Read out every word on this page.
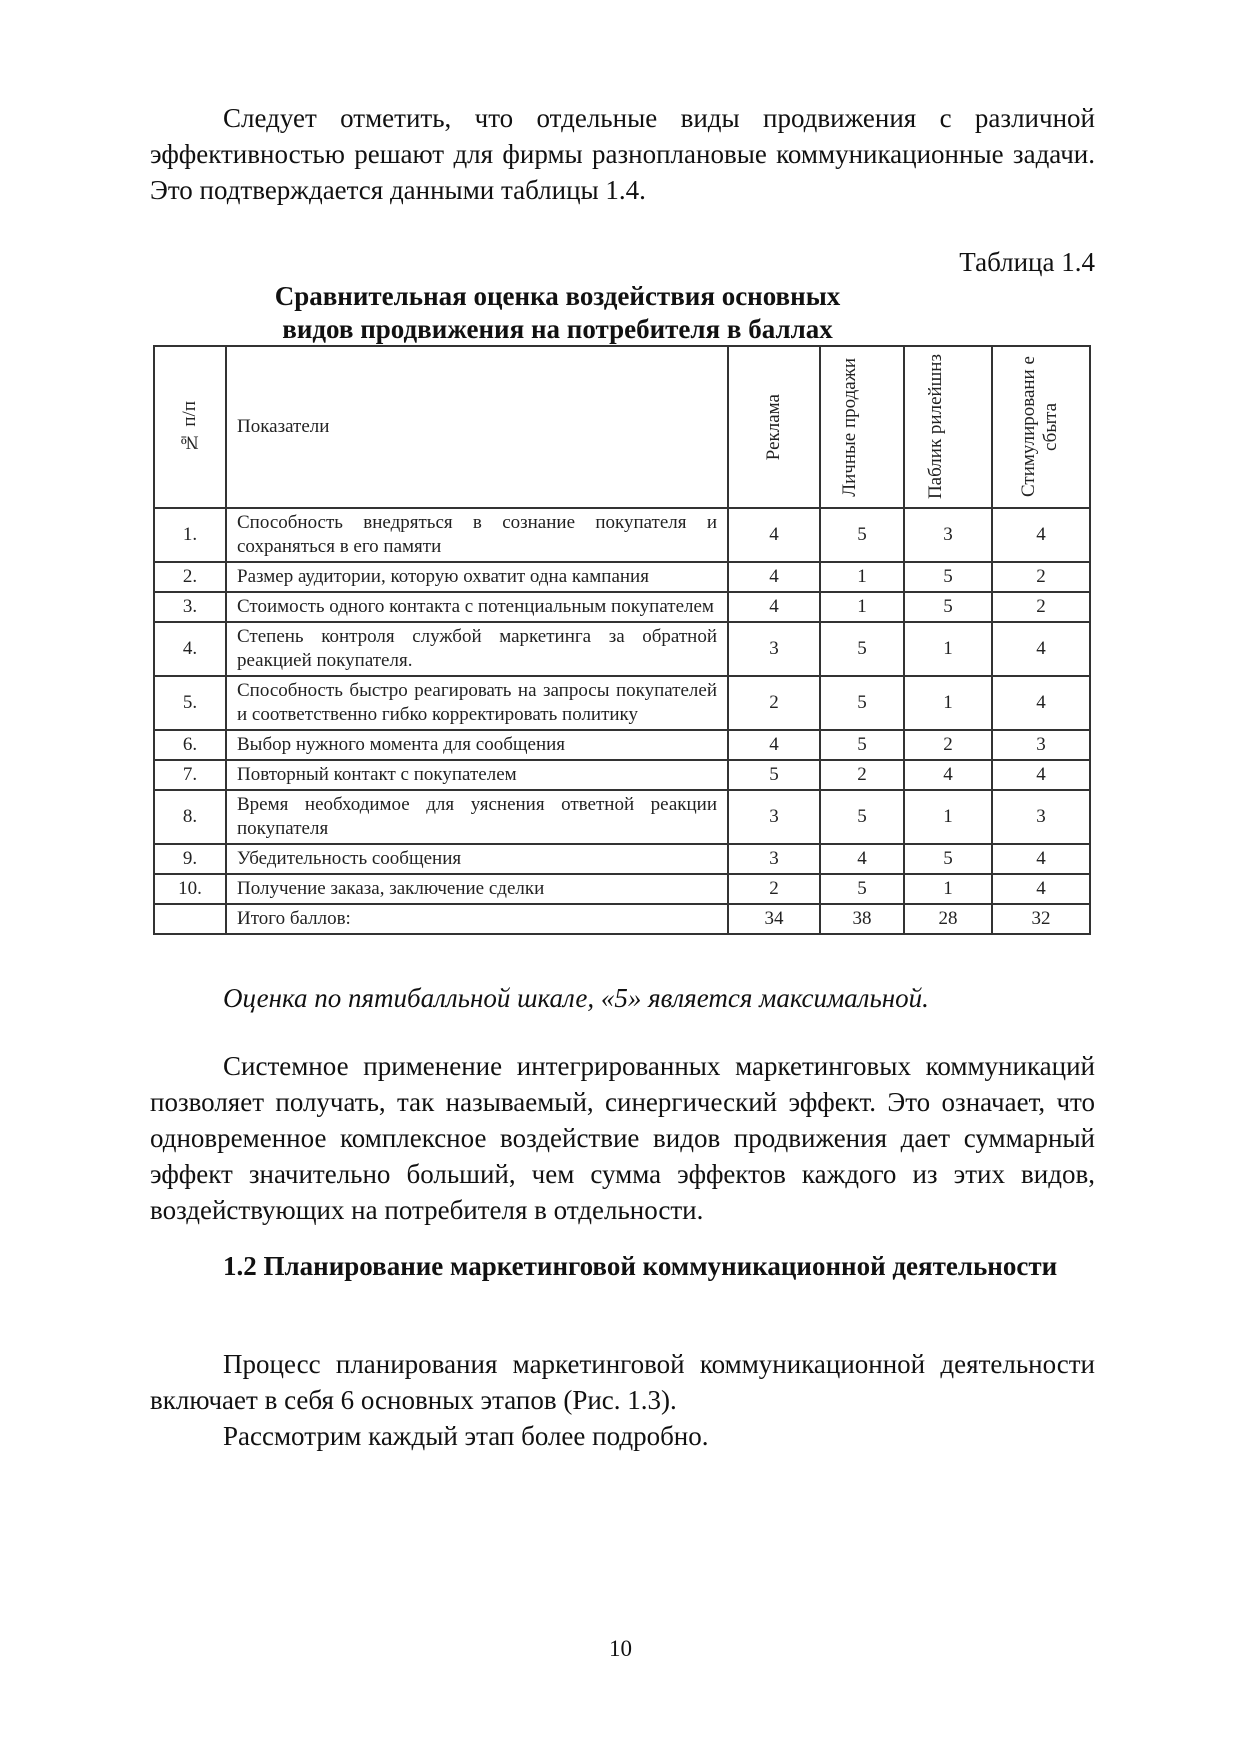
Следует отметить, что отдельные виды продвижения с различной эффективностью решают для фирмы разноплановые коммуникационные задачи. Это подтверждается данными таблицы 1.4.

Таблица 1.4
Сравнительная оценка воздействия основных
видов продвижения на потребителя в баллах
№ п/п	Показатели	Реклама	Личные продажи	Паблик рилейшнз	Стимулировани е сбыта

1.	Способность внедряться в сознание покупателя и сохраняться в его памяти	4	5	3	4
2.	Размер аудитории, которую охватит одна кампания	4	1	5	2
3.	Стоимость одного контакта с потенциальным покупателем	4	1	5	2
4.	Степень контроля службой маркетинга за обратной реакцией покупателя.	3	5	1	4
5.	Способность быстро реагировать на запросы покупателей и соответственно гибко корректировать политику	2	5	1	4
6.	Выбор нужного момента для сообщения	4	5	2	3
7.	Повторный контакт с покупателем	5	2	4	4
8.	Время необходимое для уяснения ответной реакции покупателя	3	5	1	3
9.	Убедительность сообщения	3	4	5	4
10.	Получение заказа, заключение сделки	2	5	1	4
	Итого баллов:	34	38	28	32
Оценка по пятибалльной шкале, «5» является максимальной.

Системное применение интегрированных маркетинговых коммуникаций позволяет получать, так называемый, синергический эффект. Это означает, что одновременное комплексное воздействие видов продвижения дает суммарный эффект значительно больший, чем сумма эффектов каждого из этих видов, воздействующих на потребителя в отдельности.

1.2 Планирование маркетинговой коммуникационной деятельности

Процесс планирования маркетинговой коммуникационной деятельности включает в себя 6 основных этапов (Рис. 1.3).

Рассмотрим каждый этап более подробно.

10
